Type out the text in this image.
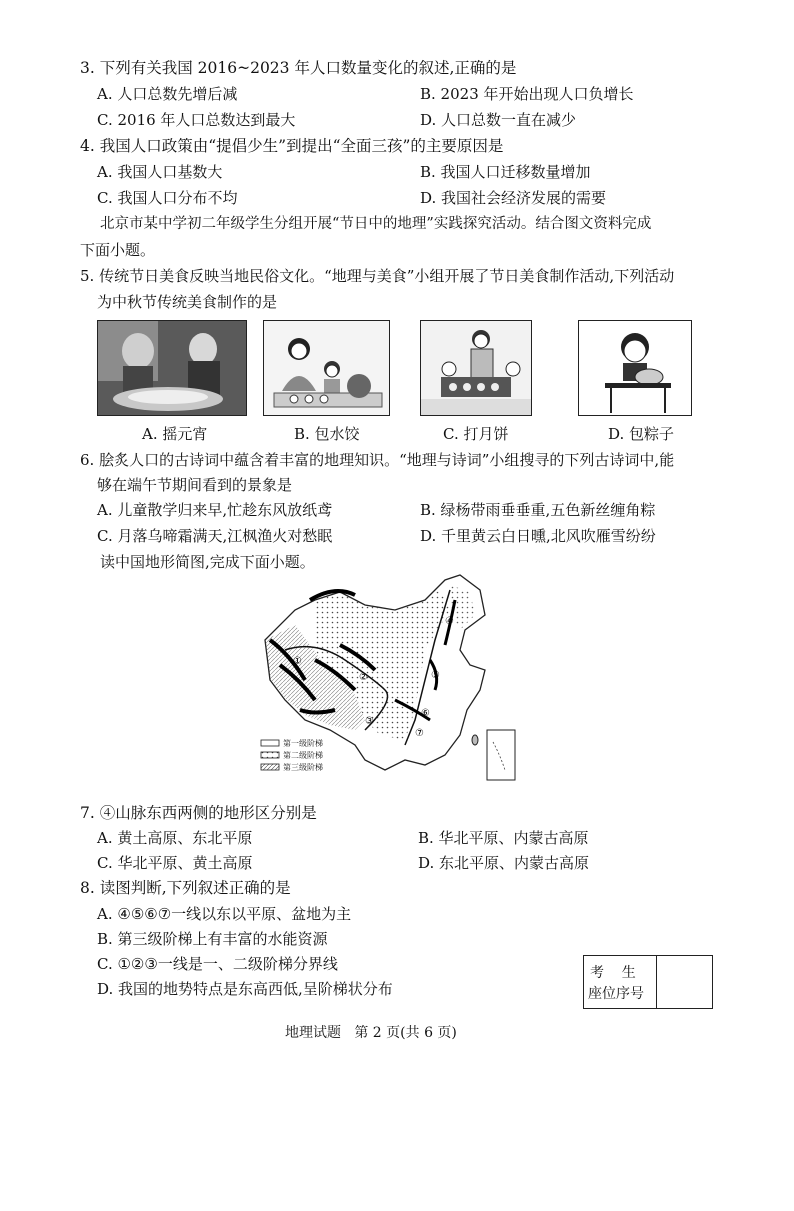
3. 下列有关我国 2016~2023 年人口数量变化的叙述,正确的是
A. 人口总数先增后减	B. 2023 年开始出现人口负增长
C. 2016 年人口总数达到最大	D. 人口总数一直在减少
4. 我国人口政策由“提倡少生”到提出“全面三孩”的主要原因是
A. 我国人口基数大	B. 我国人口迁移数量增加
C. 我国人口分布不均	D. 我国社会经济发展的需要
北京市某中学初二年级学生分组开展“节日中的地理”实践探究活动。结合图文资料完成
下面小题。
5. 传统节日美食反映当地民俗文化。“地理与美食”小组开展了节日美食制作活动,下列活动
为中秋节传统美食制作的是
A. 摇元宵	B. 包水饺	C. 打月饼	D. 包粽子
6. 脍炙人口的古诗词中蕴含着丰富的地理知识。“地理与诗词”小组搜寻的下列古诗词中,能
够在端午节期间看到的景象是
A. 儿童散学归来早,忙趁东风放纸鸢	B. 绿杨带雨垂垂重,五色新丝缠角粽
C. 月落乌啼霜满天,江枫渔火对愁眠	D. 千里黄云白日曛,北风吹雁雪纷纷
读中国地形简图,完成下面小题。
①
②
③
④
⑤
⑥
⑦
第一级阶梯
第二级阶梯
第三级阶梯
7. ④山脉东西两侧的地形区分别是
A. 黄土高原、东北平原	B. 华北平原、内蒙古高原
C. 华北平原、黄土高原	D. 东北平原、内蒙古高原
8. 读图判断,下列叙述正确的是
A. ④⑤⑥⑦一线以东以平原、盆地为主
B. 第三级阶梯上有丰富的水能资源
C. ①②③一线是一、二级阶梯分界线
D. 我国的地势特点是东高西低,呈阶梯状分布
考    生
座位序号
地理试题   第 2 页(共 6 页)
